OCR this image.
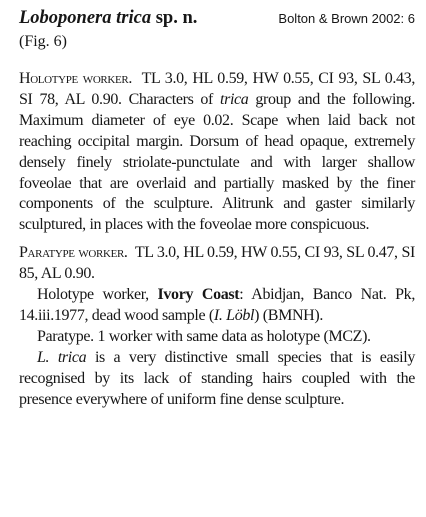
Loboponera trica sp. n.	Bolton & Brown 2002: 6
(Fig. 6)

Holotype worker. TL 3.0, HL 0.59, HW 0.55, CI 93, SL 0.43, SI 78, AL 0.90. Characters of trica group and the following. Maximum diameter of eye 0.02. Scape when laid back not reaching occipital margin. Dorsum of head opaque, extremely densely finely striolate-punctulate and with larger shallow foveolae that are overlaid and partially masked by the finer components of the sculpture. Alitrunk and gaster similarly sculptured, in places with the foveolae more conspicuous.

Paratype worker. TL 3.0, HL 0.59, HW 0.55, CI 93, SL 0.47, SI 85, AL 0.90.

Holotype worker, Ivory Coast: Abidjan, Banco Nat. Pk, 14.iii.1977, dead wood sample (I. Löbl) (BMNH).

Paratype. 1 worker with same data as holotype (MCZ).

L. trica is a very distinctive small species that is easily recognised by its lack of standing hairs coupled with the presence everywhere of uniform fine dense sculpture.
